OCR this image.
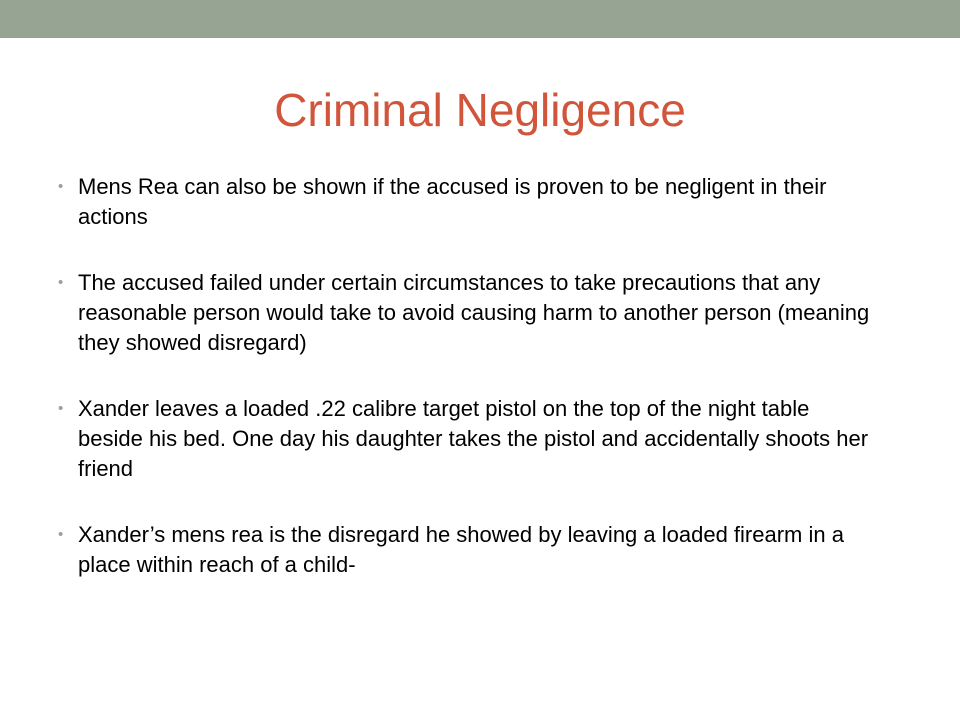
Criminal Negligence
• Mens Rea can also be shown if the accused is proven to be negligent in their actions
• The accused failed under certain circumstances to take precautions that any reasonable person would take to avoid causing harm to another person (meaning they showed disregard)
• Xander leaves a loaded .22 calibre target pistol on the top of the night table beside his bed. One day his daughter takes the pistol and accidentally shoots her friend
• Xander’s mens rea is the disregard he showed by leaving a loaded firearm in a place within reach of a child-
